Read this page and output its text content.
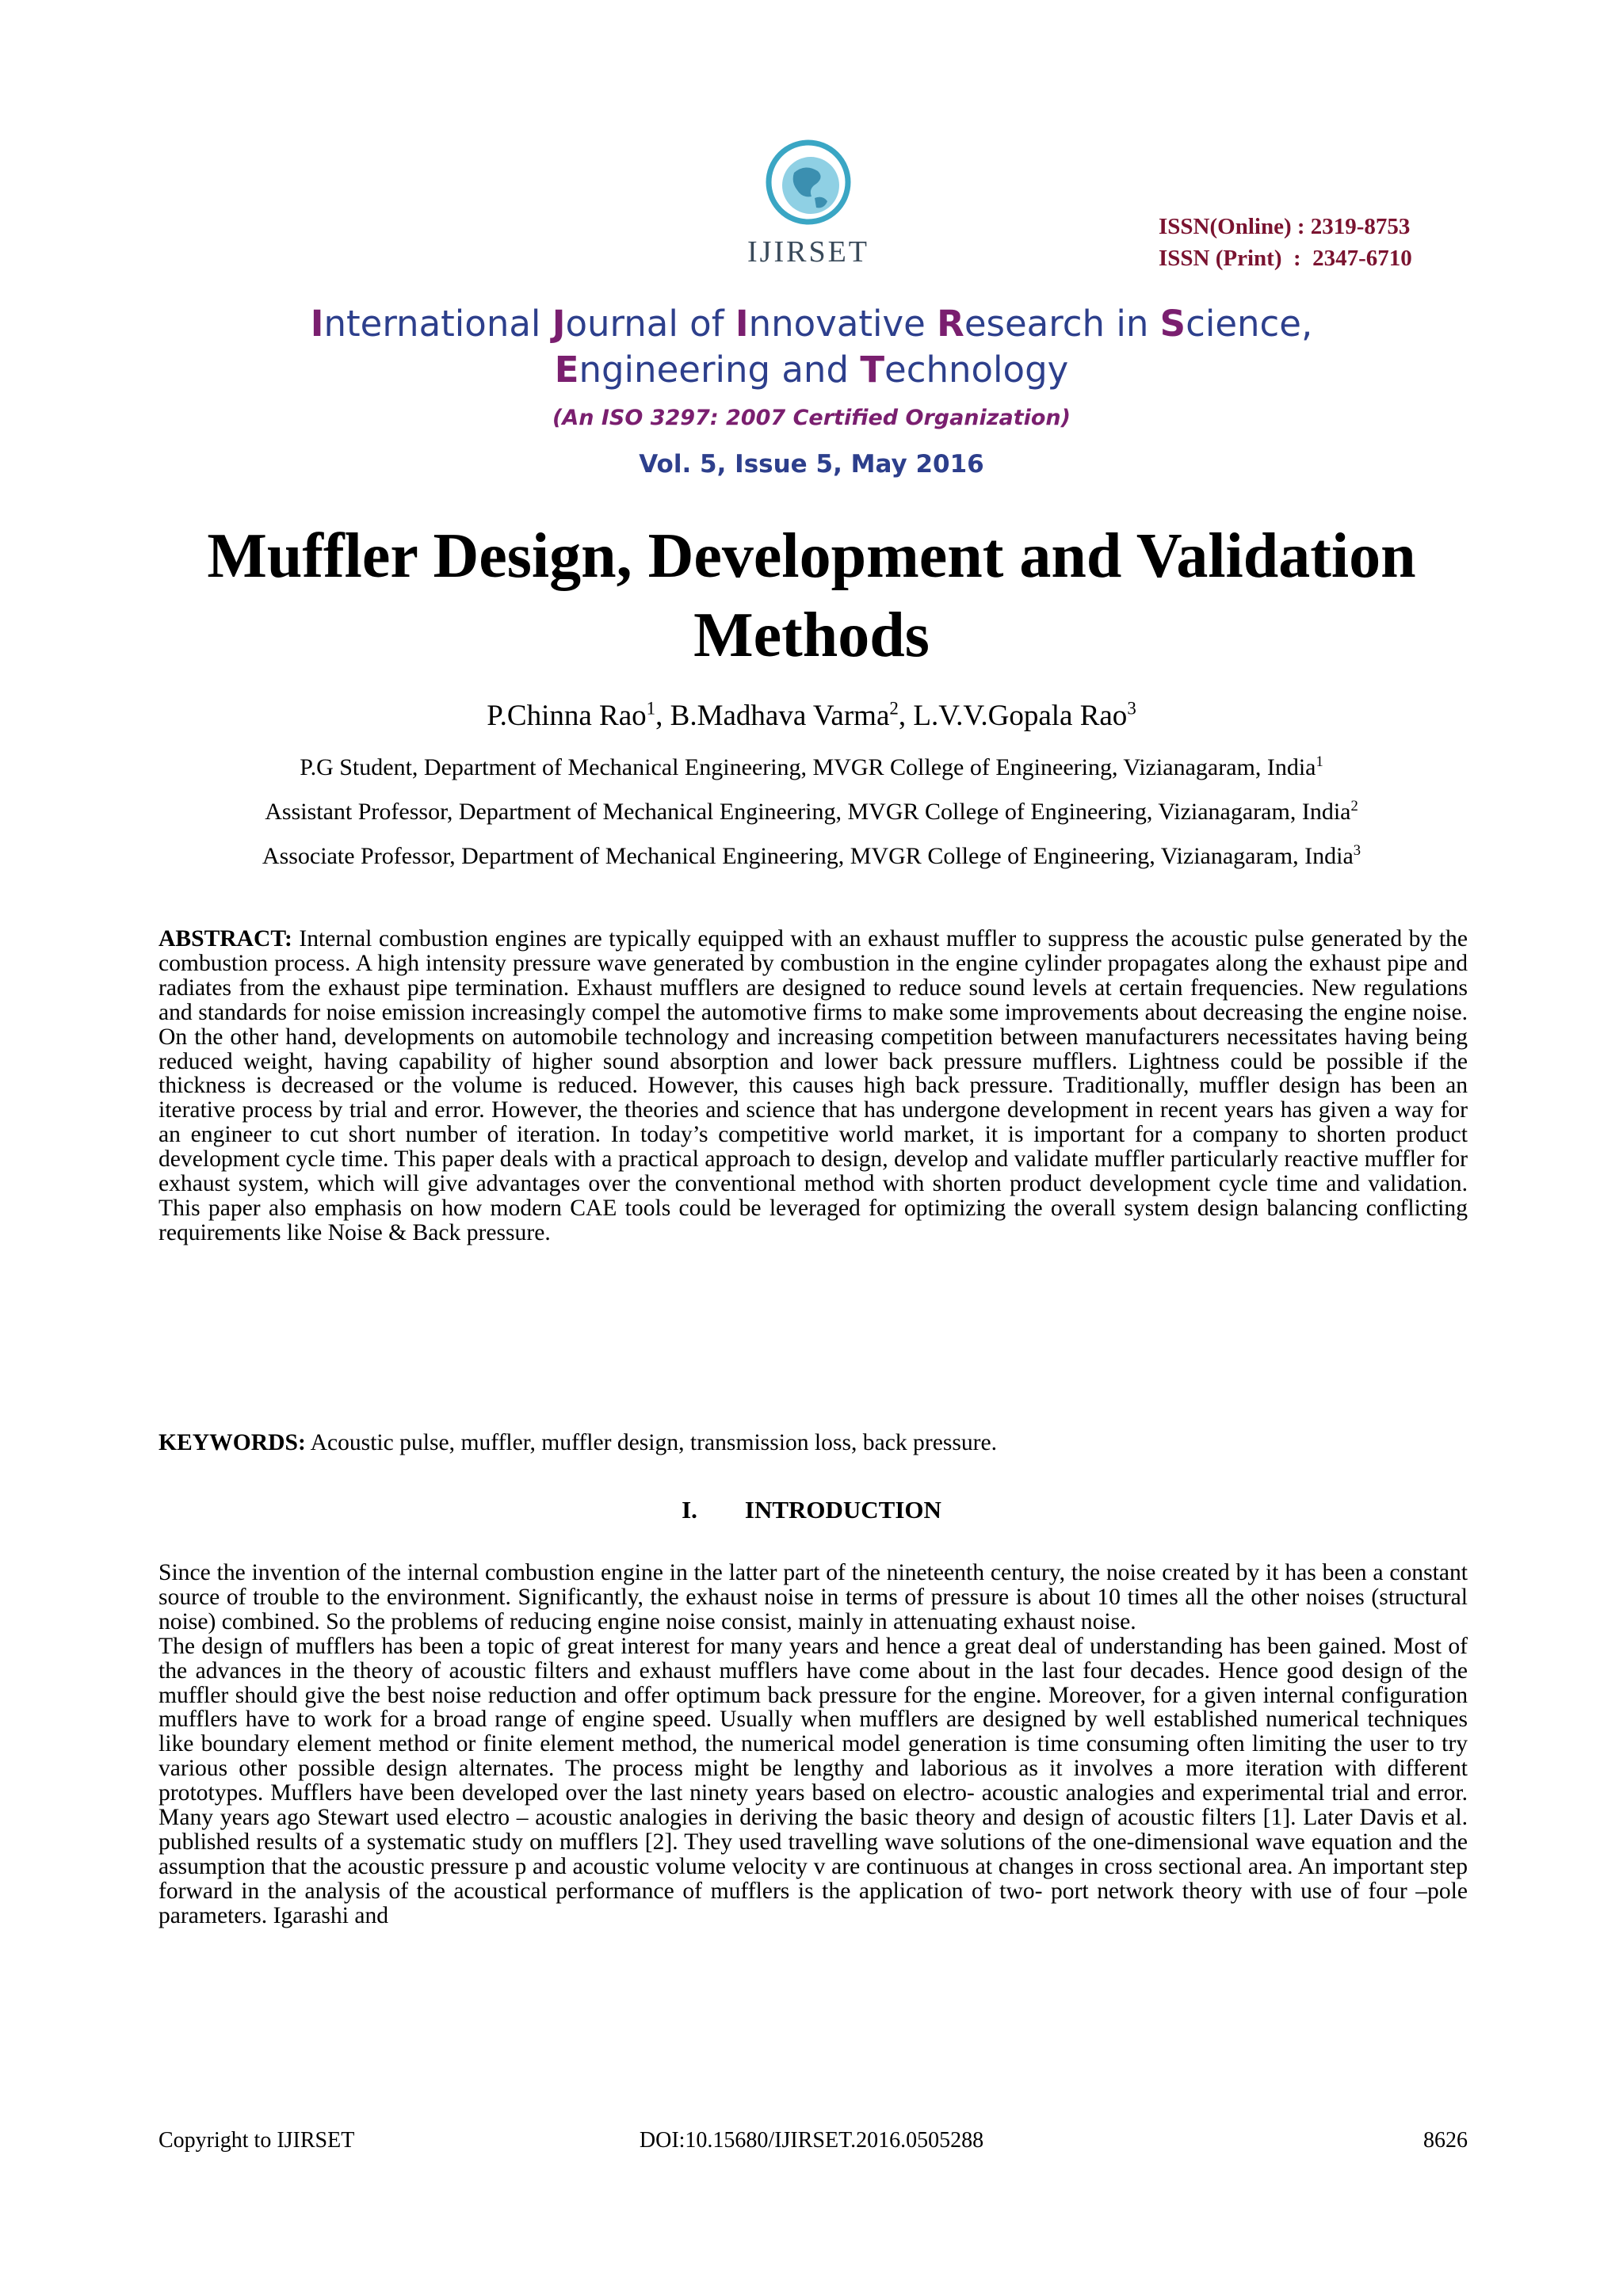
IJIRSET
ISSN(Online) : 2319-8753
ISSN (Print)  :  2347-6710
International Journal of Innovative Research in Science,
Engineering and Technology
(An ISO 3297: 2007 Certified Organization)
Vol. 5, Issue 5, May 2016
Muffler Design, Development and Validation
Methods
P.Chinna Rao$^1$, B.Madhava Varma$^2$, L.V.V.Gopala Rao$^3$
P.G Student, Department of Mechanical Engineering, MVGR College of Engineering, Vizianagaram, India$^1$
Assistant Professor, Department of Mechanical Engineering, MVGR College of Engineering, Vizianagaram, India$^2$
Associate Professor, Department of Mechanical Engineering, MVGR College of Engineering, Vizianagaram, India$^3$

ABSTRACT: Internal combustion engines are typically equipped with an exhaust muffler to suppress the acoustic pulse generated by the combustion process. A high intensity pressure wave generated by combustion in the engine cylinder propagates along the exhaust pipe and radiates from the exhaust pipe termination. Exhaust mufflers are designed to reduce sound levels at certain frequencies. New regulations and standards for noise emission increasingly compel the automotive firms to make some improvements about decreasing the engine noise. On the other hand, developments on automobile technology and increasing competition between manufacturers necessitates having being reduced weight, having capability of higher sound absorption and lower back pressure mufflers. Lightness could be possible if the thickness is decreased or the volume is reduced. However, this causes high back pressure. Traditionally, muffler design has been an iterative process by trial and error. However, the theories and science that has undergone development in recent years has given a way for an engineer to cut short number of iteration. In today’s competitive world market, it is important for a company to shorten product development cycle time. This paper deals with a practical approach to design, develop and validate muffler particularly reactive muffler for exhaust system, which will give advantages over the conventional method with shorten product development cycle time and validation. This paper also emphasis on how modern CAE tools could be leveraged for optimizing the overall system design balancing conflicting requirements like Noise & Back pressure.

KEYWORDS: Acoustic pulse, muffler, muffler design, transmission loss, back pressure.

I. INTRODUCTION

Since the invention of the internal combustion engine in the latter part of the nineteenth century, the noise created by it has been a constant source of trouble to the environment. Significantly, the exhaust noise in terms of pressure is about 10 times all the other noises (structural noise) combined. So the problems of reducing engine noise consist, mainly in attenuating exhaust noise.

The design of mufflers has been a topic of great interest for many years and hence a great deal of understanding has been gained. Most of the advances in the theory of acoustic filters and exhaust mufflers have come about in the last four decades. Hence good design of the muffler should give the best noise reduction and offer optimum back pressure for the engine. Moreover, for a given internal configuration mufflers have to work for a broad range of engine speed. Usually when mufflers are designed by well established numerical techniques like boundary element method or finite element method, the numerical model generation is time consuming often limiting the user to try various other possible design alternates. The process might be lengthy and laborious as it involves a more iteration with different prototypes. Mufflers have been developed over the last ninety years based on electro- acoustic analogies and experimental trial and error. Many years ago Stewart used electro – acoustic analogies in deriving the basic theory and design of acoustic filters [1]. Later Davis et al. published results of a systematic study on mufflers [2]. They used travelling wave solutions of the one-dimensional wave equation and the assumption that the acoustic pressure p and acoustic volume velocity v are continuous at changes in cross sectional area. An important step forward in the analysis of the acoustical performance of mufflers is the application of two- port network theory with use of four –pole parameters. Igarashi and

Copyright to IJIRSET	DOI:10.15680/IJIRSET.2016.0505288	8626
